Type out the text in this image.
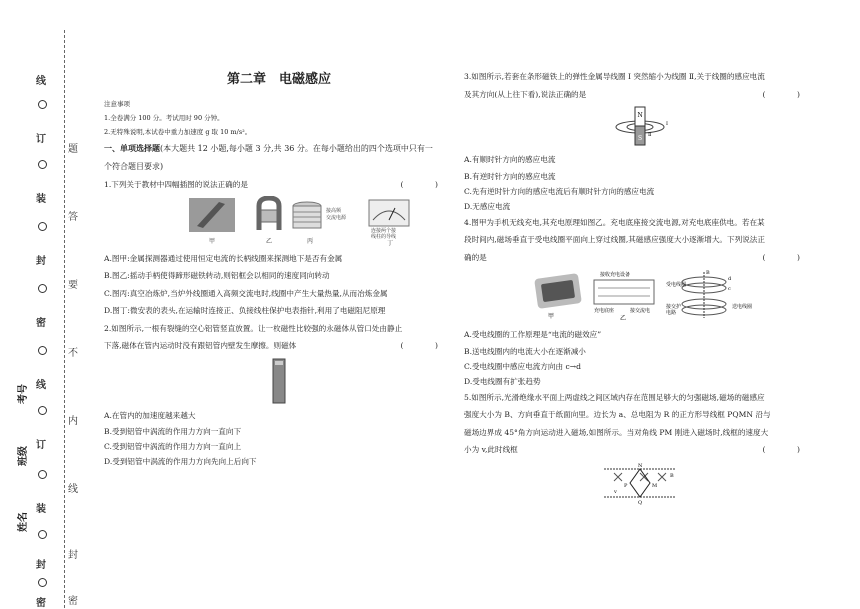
线
订
装
封
密
线
订
装
封
密
题
答
要
不
内
线
封
密
考号
班级
姓名
第二章　电磁感应

注意事项

1.全卷满分 100 分。考试用时 90 分钟。

2.无特殊说明,本试卷中重力加速度 g 取 10 m/s²。

一、单项选择题(本大题共 12 小题,每小题 3 分,共 36 分。在每小题给出的四个选项中只有一

个符合题目要求)

1.下列关于教材中四幅插图的说法正确的是	(　)
甲	乙
接高频
交流电源
丙
连接两个接
线柱的导线
丁

A.图甲:金属探测器通过使用恒定电流的长柄线圈来探测地下是否有金属

B.图乙:摇动手柄使得蹄形磁铁转动,则铝框会以相同的速度同向转动

C.图丙:真空冶炼炉,当炉外线圈通入高频交流电时,线圈中产生大量热量,从而冶炼金属

D.图丁:微安表的表头,在运输时连接正、负接线柱保护电表指针,利用了电磁阻尼原理

2.如图所示,一根有裂缝的空心铝管竖直放置。让一枚磁性比较强的永磁体从管口处由静止

下落,磁体在管内运动时没有跟铝管内壁发生摩擦。则磁体	(　)

A.在管内的加速度越来越大

B.受到铝管中涡流的作用力方向一直向下

C.受到铝管中涡流的作用力方向一直向上

D.受到铝管中涡流的作用力方向先向上后向下

3.如图所示,若套在条形磁铁上的弹性金属导线圈 Ⅰ 突然缩小为线圈 Ⅱ,关于线圈的感应电流

及其方向(从上往下看),说法正确的是	(　)
N
S
Ⅰ
Ⅱ

A.有顺时针方向的感应电流

B.有逆时针方向的感应电流

C.先有逆时针方向的感应电流后有顺时针方向的感应电流

D.无感应电流

4.图甲为手机无线充电,其充电原理如图乙。充电底座接交流电源,对充电底座供电。若在某

段时间内,磁场垂直于受电线圈平面向上穿过线圈,其磁感应强度大小逐渐增大。下列说法正

确的是	(　)
甲
接收充电设备
充电底座	接交流电
乙
B
d
c
受电线圈
接交护
电路
送电线圈

A.受电线圈的工作原理是“电流的磁效应”

B.送电线圈内的电流大小在逐渐减小

C.受电线圈中感应电流方向由 c→d

D.受电线圈有扩张趋势

5.如图所示,光滑绝缘水平面上两虚线之间区域内存在范围足够大的匀强磁场,磁场的磁感应

强度大小为 B、方向垂直于纸面向里。边长为 a、总电阻为 R 的正方形导线框 PQMN 沿与

磁场边界成 45°角方向运动进入磁场,如图所示。当对角线 PM 刚进入磁场时,线框的速度大

小为 v,此时线框	(　)
P
Q
M
N
B
v
